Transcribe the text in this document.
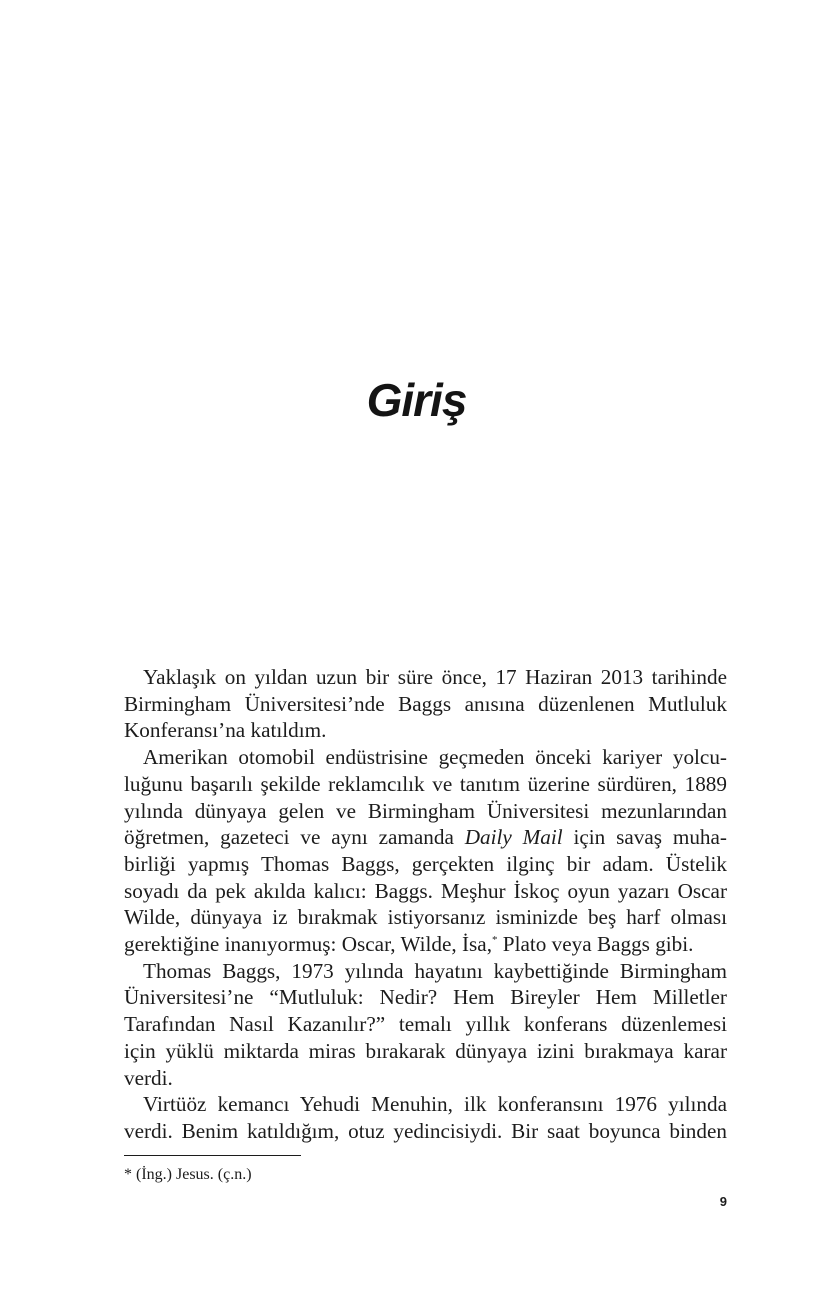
Giriş

Yaklaşık on yıldan uzun bir süre önce, 17 Haziran 2013 tarihinde
Birmingham Üniversitesi’nde Baggs anısına düzenlenen Mutluluk
Konferansı’na katıldım.

Amerikan otomobil endüstrisine geçmeden önceki kariyer yolcu-
luğunu başarılı şekilde reklamcılık ve tanıtım üzerine sürdüren, 1889
yılında dünyaya gelen ve Birmingham Üniversitesi mezunlarından
öğretmen, gazeteci ve aynı zamanda Daily Mail için savaş muha-
birliği yapmış Thomas Baggs, gerçekten ilginç bir adam. Üstelik
soyadı da pek akılda kalıcı: Baggs. Meşhur İskoç oyun yazarı Oscar
Wilde, dünyaya iz bırakmak istiyorsanız isminizde beş harf olması
gerektiğine inanıyormuş: Oscar, Wilde, İsa,* Plato veya Baggs gibi.

Thomas Baggs, 1973 yılında hayatını kaybettiğinde Birmingham
Üniversitesi’ne “Mutluluk: Nedir? Hem Bireyler Hem Milletler
Tarafından Nasıl Kazanılır?” temalı yıllık konferans düzenlemesi
için yüklü miktarda miras bırakarak dünyaya izini bırakmaya karar
verdi.

Virtüöz kemancı Yehudi Menuhin, ilk konferansını 1976 yılında
verdi. Benim katıldığım, otuz yedincisiydi. Bir saat boyunca binden

* (İng.) Jesus. (ç.n.)
9
